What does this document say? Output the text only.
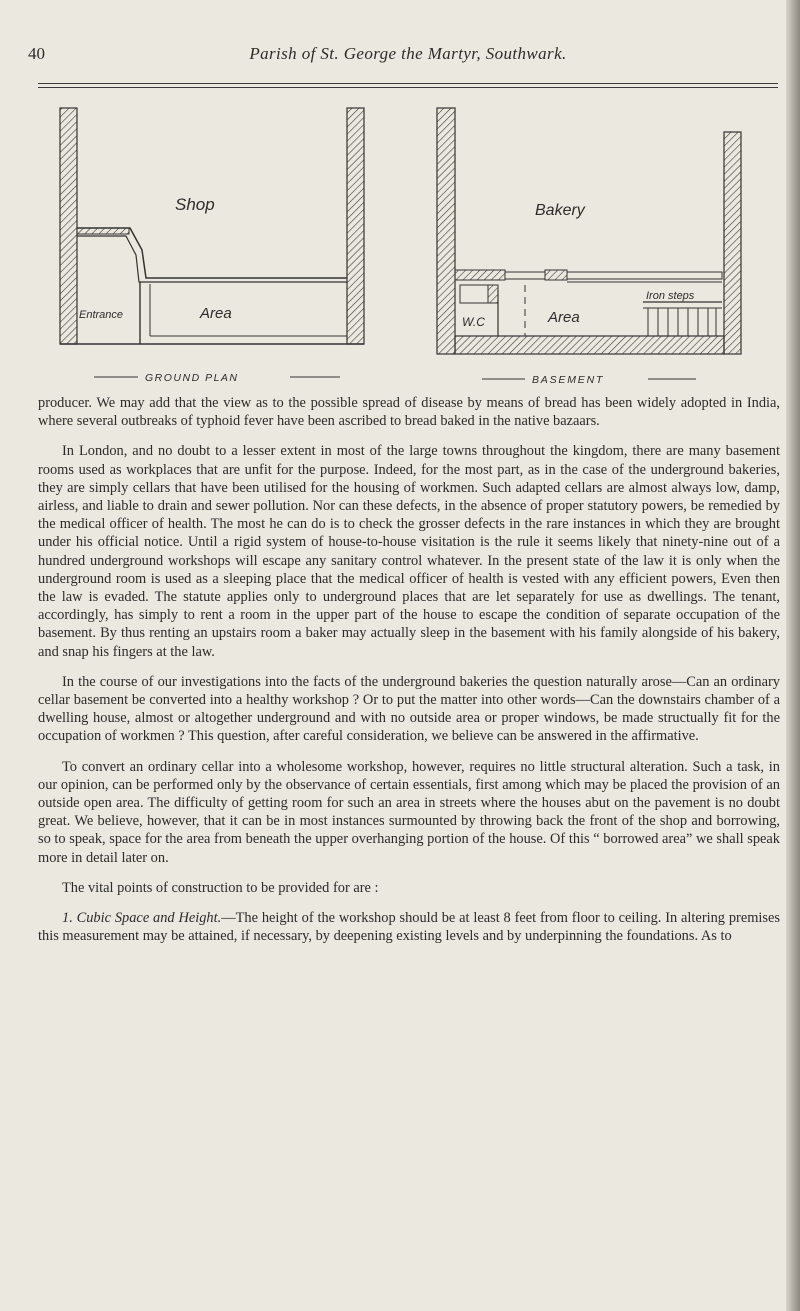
40	Parish of St. George the Martyr, Southwark.
Shop
Area
Entrance
GROUND PLAN
Bakery
Area
W.C
Iron steps
BASEMENT

producer. We may add that the view as to the possible spread of disease by means of bread has been widely adopted in India, where several outbreaks of typhoid fever have been ascribed to bread baked in the native bazaars.

In London, and no doubt to a lesser extent in most of the large towns throughout the kingdom, there are many basement rooms used as workplaces that are unfit for the purpose. Indeed, for the most part, as in the case of the underground bakeries, they are simply cellars that have been utilised for the housing of workmen. Such adapted cellars are almost always low, damp, airless, and liable to drain and sewer pollution. Nor can these defects, in the absence of proper statutory powers, be remedied by the medical officer of health. The most he can do is to check the grosser defects in the rare instances in which they are brought under his official notice. Until a rigid system of house-to-house visitation is the rule it seems likely that ninety-nine out of a hundred underground workshops will escape any sanitary control whatever. In the present state of the law it is only when the underground room is used as a sleeping place that the medical officer of health is vested with any efficient powers, Even then the law is evaded. The statute applies only to underground places that are let separately for use as dwellings. The tenant, accordingly, has simply to rent a room in the upper part of the house to escape the condition of separate occupation of the basement. By thus renting an upstairs room a baker may actually sleep in the basement with his family alongside of his bakery, and snap his fingers at the law.

In the course of our investigations into the facts of the underground bakeries the question naturally arose—Can an ordinary cellar basement be converted into a healthy workshop ? Or to put the matter into other words—Can the downstairs chamber of a dwelling house, almost or altogether underground and with no outside area or proper windows, be made structually fit for the occupation of workmen ? This question, after careful consideration, we believe can be answered in the affirmative.

To convert an ordinary cellar into a wholesome workshop, however, requires no little structural alteration. Such a task, in our opinion, can be performed only by the observance of certain essentials, first among which may be placed the provision of an outside open area. The difficulty of getting room for such an area in streets where the houses abut on the pavement is no doubt great. We believe, however, that it can be in most instances surmounted by throwing back the front of the shop and borrowing, so to speak, space for the area from beneath the upper overhanging portion of the house. Of this “ borrowed area” we shall speak more in detail later on.

The vital points of construction to be provided for are :

1. Cubic Space and Height.—The height of the workshop should be at least 8 feet from floor to ceiling. In altering premises this measurement may be attained, if necessary, by deepening existing levels and by underpinning the foundations. As to
